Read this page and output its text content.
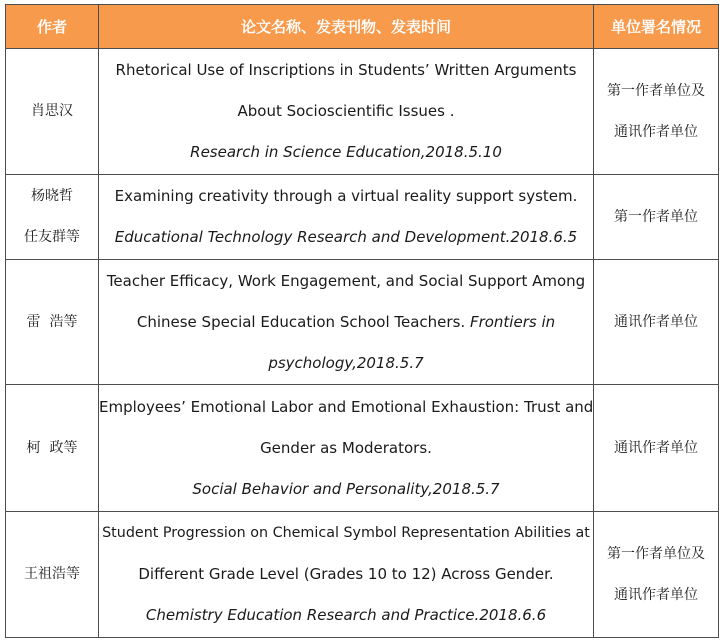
作者	论文名称、发表刊物、发表时间	单位署名情况

肖思汉	Rhetorical Use of Inscriptions in Students’ Written Arguments
About Socioscientific Issues .
Research in Science Education,2018.5.10	第一作者单位及
通讯作者单位

杨晓哲
任友群等	Examining creativity through a virtual reality support system.
Educational Technology Research and Development.2018.6.5	第一作者单位

雷  浩等	Teacher Efficacy, Work Engagement, and Social Support Among
Chinese Special Education School Teachers. Frontiers in
psychology,2018.5.7	通讯作者单位

柯  政等	Employees’ Emotional Labor and Emotional Exhaustion: Trust and
Gender as Moderators.
Social Behavior and Personality,2018.5.7	通讯作者单位

王祖浩等	Student Progression on Chemical Symbol Representation Abilities at
Different Grade Level (Grades 10 to 12) Across Gender.
Chemistry Education Research and Practice.2018.6.6	第一作者单位及
通讯作者单位
